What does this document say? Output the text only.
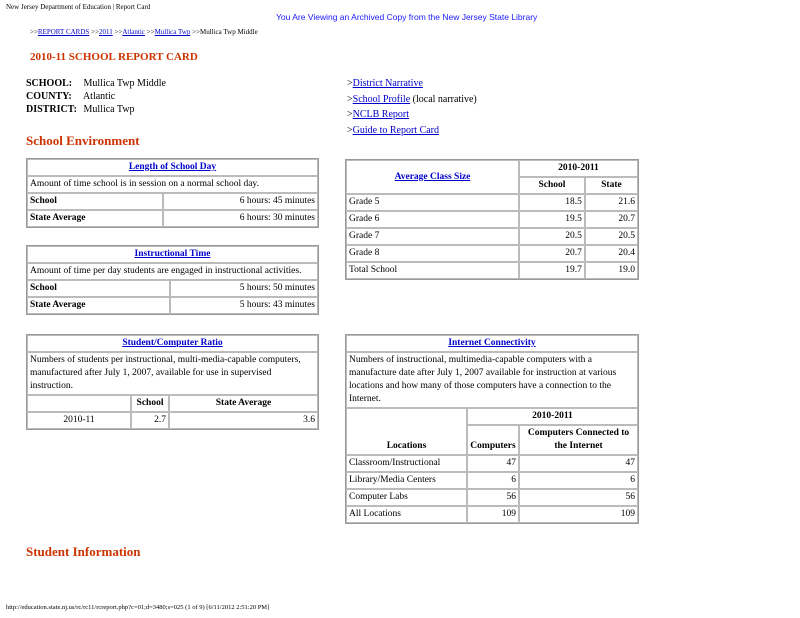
New Jersey Department of Education | Report Card
You Are Viewing an Archived Copy from the New Jersey State Library
>>REPORT CARDS >>2011 >>Atlantic >>Mullica Twp >>Mullica Twp Middle
2010-11 SCHOOL REPORT CARD
SCHOOL: Mullica Twp Middle
COUNTY: Atlantic
DISTRICT: Mullica Twp
>District Narrative
>School Profile (local narrative)
>NCLB Report
>Guide to Report Card
School Environment
Length of School Day	
Amount of time school is in session on a normal school day.	
School	6 hours: 45 minutes
State Average	6 hours: 30 minutes
Instructional Time	
Amount of time per day students are engaged in instructional activities.	
School	5 hours: 50 minutes
State Average	5 hours: 43 minutes
Student/Computer Ratio		
Numbers of students per instructional, multi-media-capable computers, manufactured after July 1, 2007, available for use in supervised instruction.		
	School	State Average
2010-11	2.7	3.6
Average Class Size	2010-2011	
	School	State
Grade 5	18.5	21.6
Grade 6	19.5	20.7
Grade 7	20.5	20.5
Grade 8	20.7	20.4
Total School	19.7	19.0
Internet Connectivity		
Numbers of instructional, multimedia-capable computers with a manufacture date after July 1, 2007 available for instruction at various locations and how many of those computers have a connection to the Internet.		
Locations	2010-2011	
	Computers	Computers Connected to the Internet
Classroom/Instructional	47	47
Library/Media Centers	6	6
Computer Labs	56	56
All Locations	109	109
Student Information
http://education.state.nj.us/rc/rc11/rcreport.php?c=01;d=3480;s=025 (1 of 9) [6/11/2012 2:51:20 PM]
